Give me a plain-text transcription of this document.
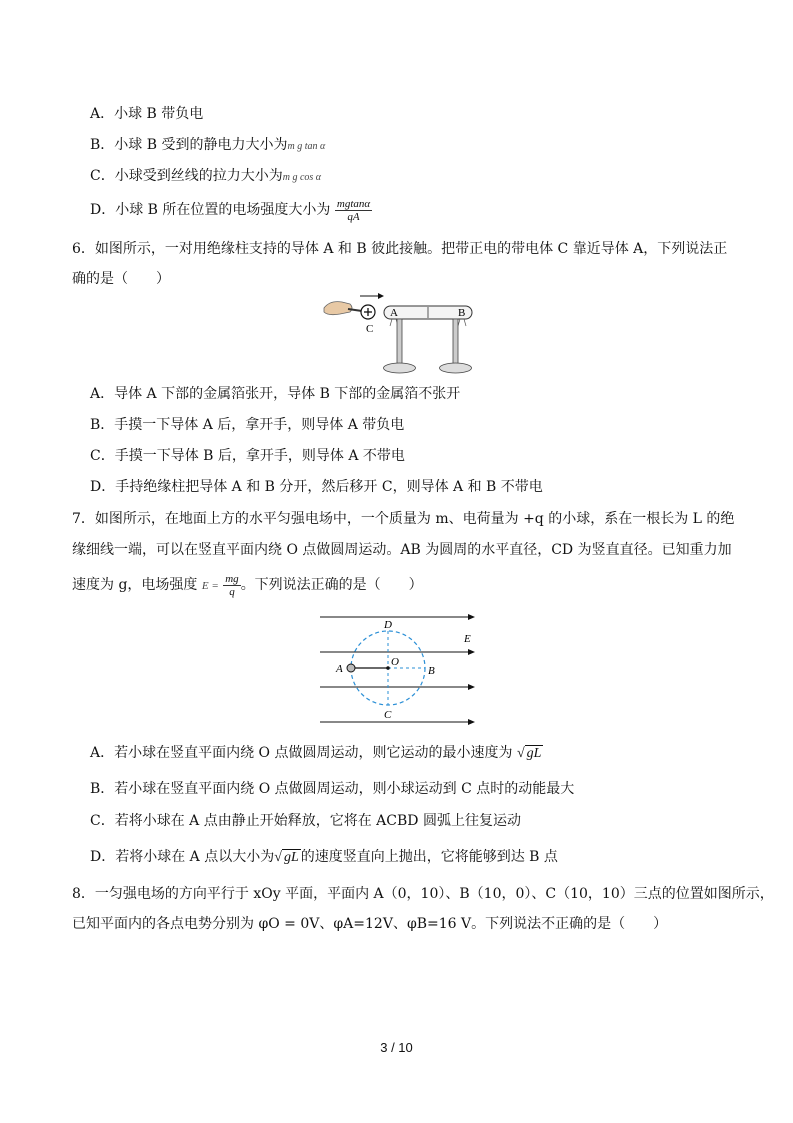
A．小球 B 带负电
B．小球 B 受到的静电力大小为m g tan α
C．小球受到丝线的拉力大小为m g cos α
D．小球 B 所在位置的电场强度大小为 $\frac{mgtan\alpha}{qA}$
6．如图所示，一对用绝缘柱支持的导体 A 和 B 彼此接触。把带正电的带电体 C 靠近导体 A，下列说法正
确的是（　　）
C
A	B
A．导体 A 下部的金属箔张开，导体 B 下部的金属箔不张开
B．手摸一下导体 A 后，拿开手，则导体 A 带负电
C．手摸一下导体 B 后，拿开手，则导体 A 不带电
D．手持绝缘柱把导体 A 和 B 分开，然后移开 C，则导体 A 和 B 不带电
7．如图所示，在地面上方的水平匀强电场中，一个质量为 m、电荷量为 +q 的小球，系在一根长为 L 的绝
缘细线一端，可以在竖直平面内绕 O 点做圆周运动。AB 为圆周的水平直径，CD 为竖直直径。已知重力加
速度为 g，电场强度 $E = \frac{mg}{q}$ 。下列说法正确的是（　　）
D
E
A
O
B
C
A．若小球在竖直平面内绕 O 点做圆周运动，则它运动的最小速度为 √ gL
B．若小球在竖直平面内绕 O 点做圆周运动，则小球运动到 C 点时的动能最大
C．若将小球在 A 点由静止开始释放，它将在 ACBD 圆弧上往复运动
D．若将小球在 A 点以大小为√ gL 的速度竖直向上抛出，它将能够到达 B 点
8．一匀强电场的方向平行于 xOy 平面，平面内 A（0，10）、B（10，0）、C（10，10）三点的位置如图所示，
已知平面内的各点电势分别为 φO = 0V、φA=12V、φB=16 V。下列说法不正确的是（　　）
3 / 10
